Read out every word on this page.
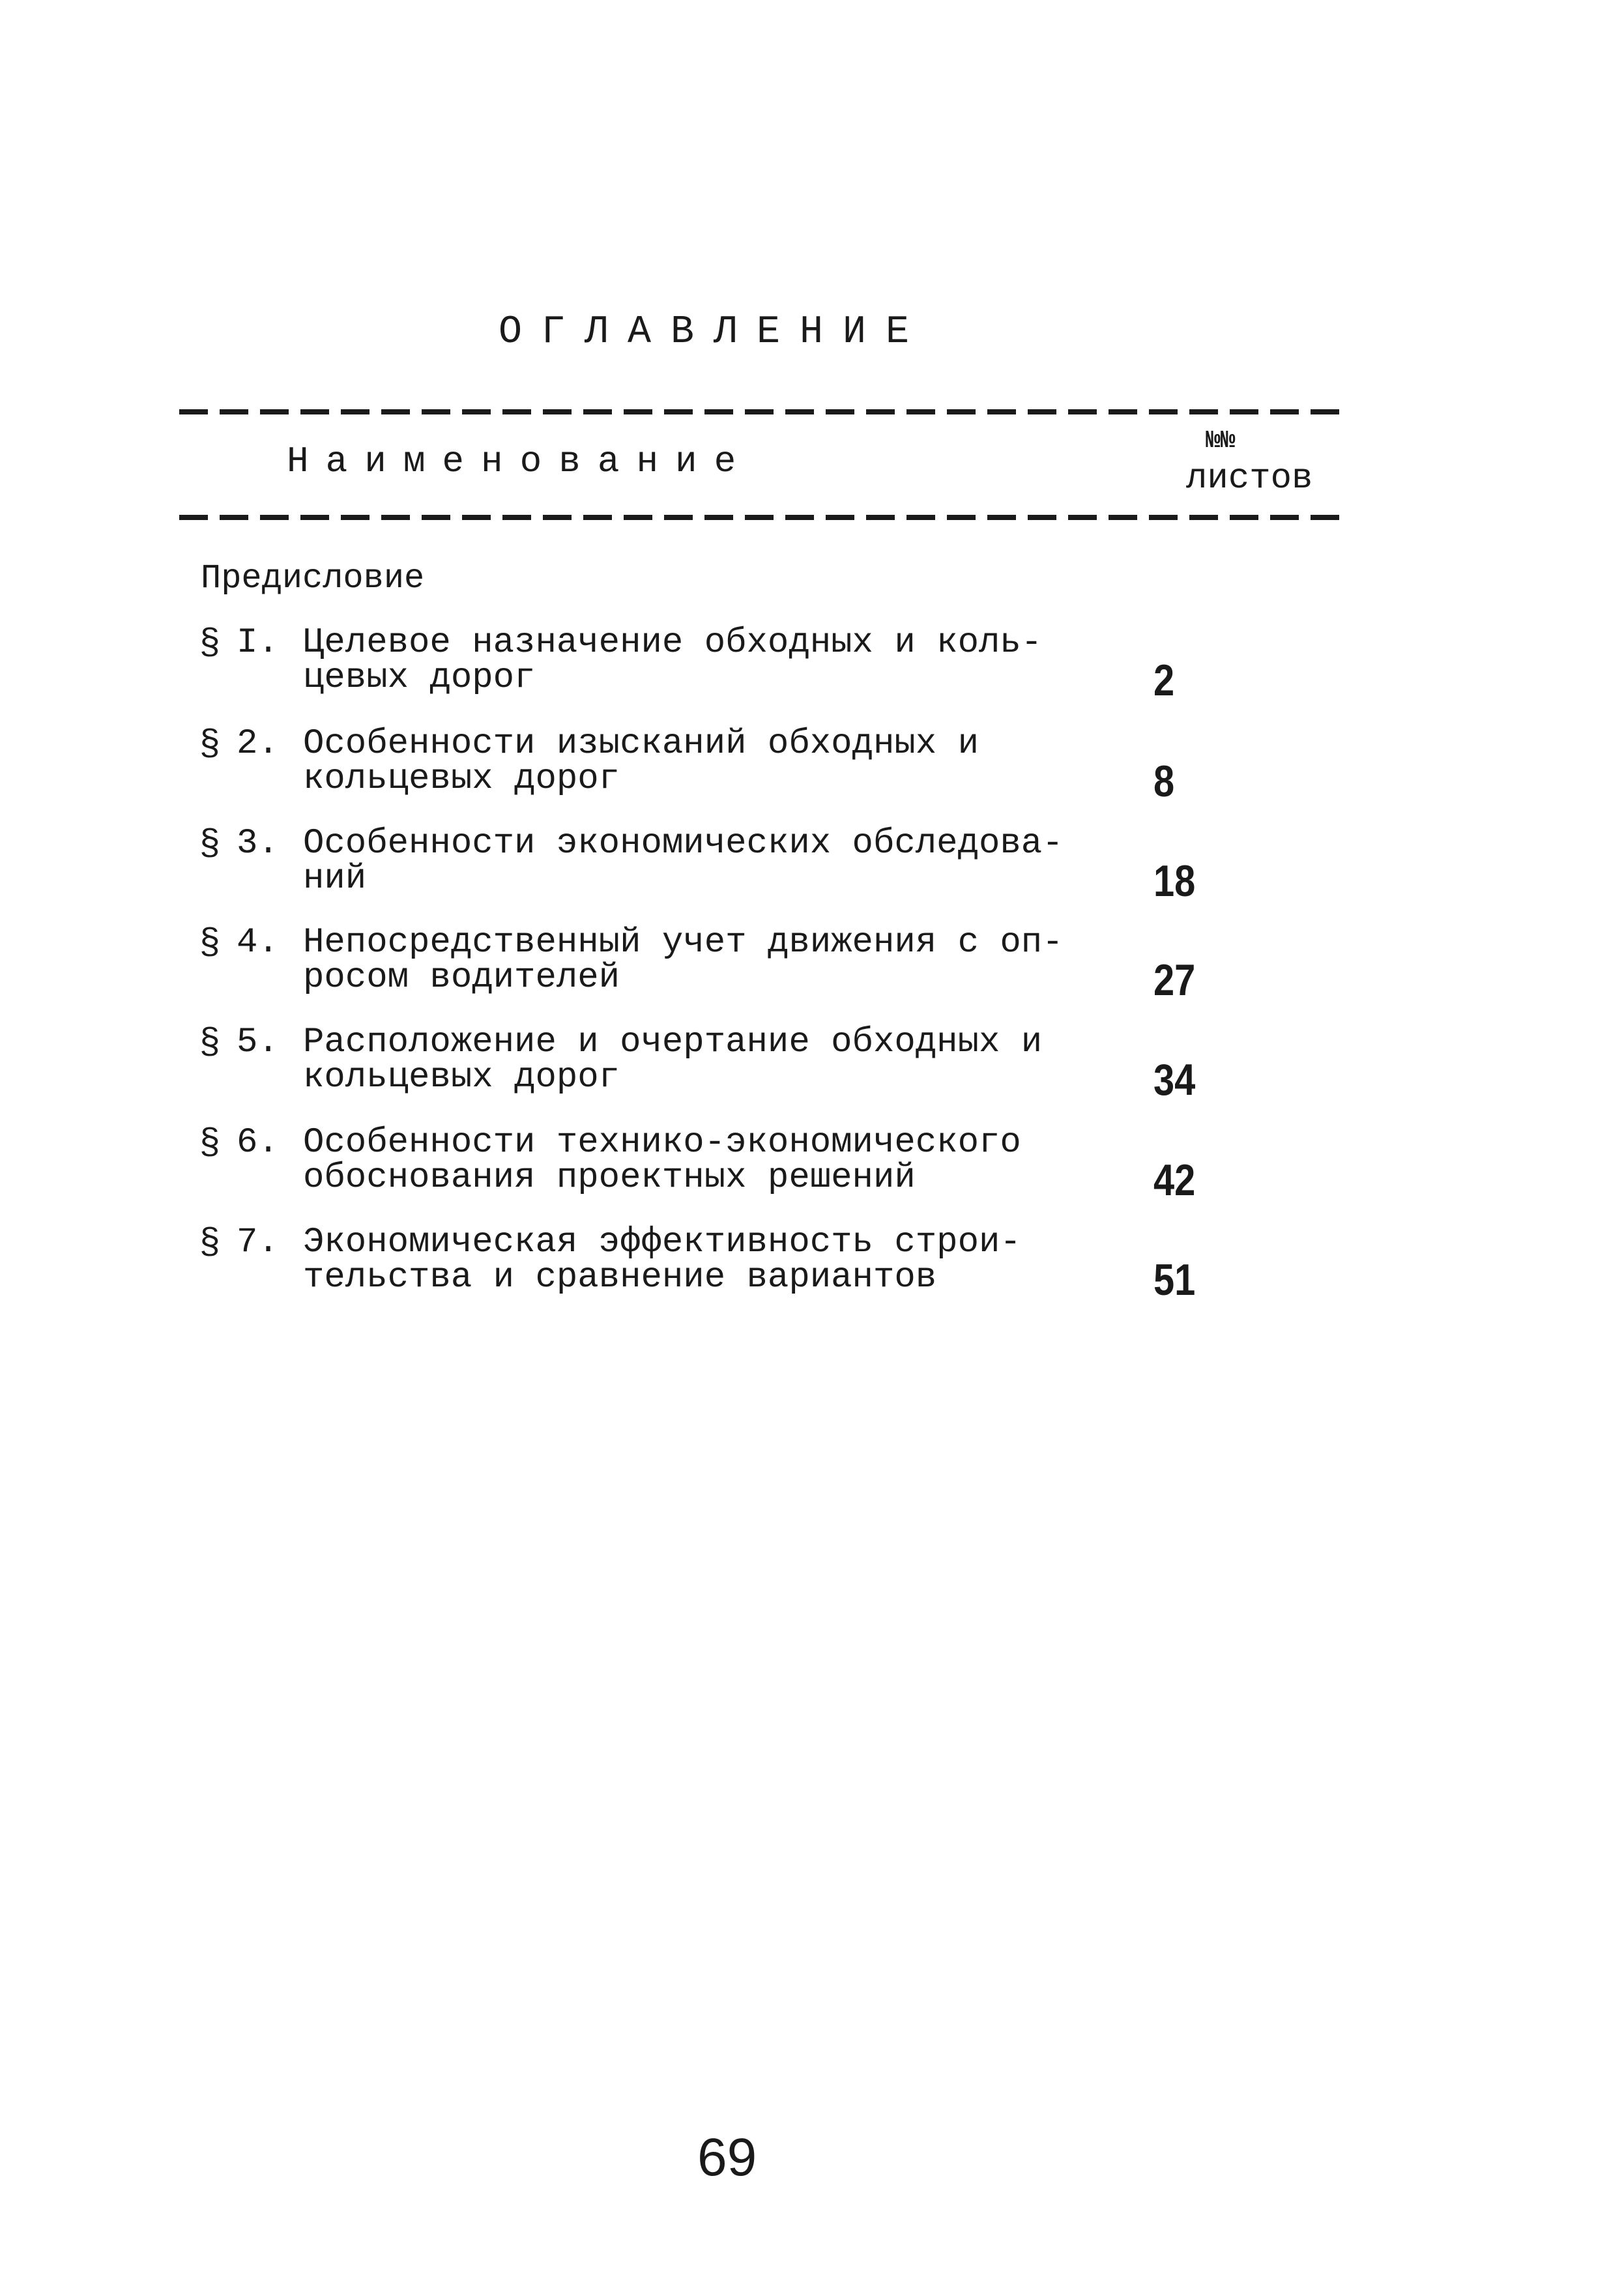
ОГЛАВЛЕНИЕ
Наименование	№№
листов
Предисловие
§ I. Целевое назначение обходных и коль-
цевых дорог	2
§ 2. Особенности изысканий обходных и
кольцевых дорог	8
§ 3. Особенности экономических обследова-
ний	18
§ 4. Непосредственный учет движения с оп-
росом водителей	27
§ 5. Расположение и очертание обходных и
кольцевых дорог	34
§ 6. Особенности технико-экономического
обоснования проектных решений	42
§ 7. Экономическая эффективность строи-
тельства и сравнение вариантов	51
69
